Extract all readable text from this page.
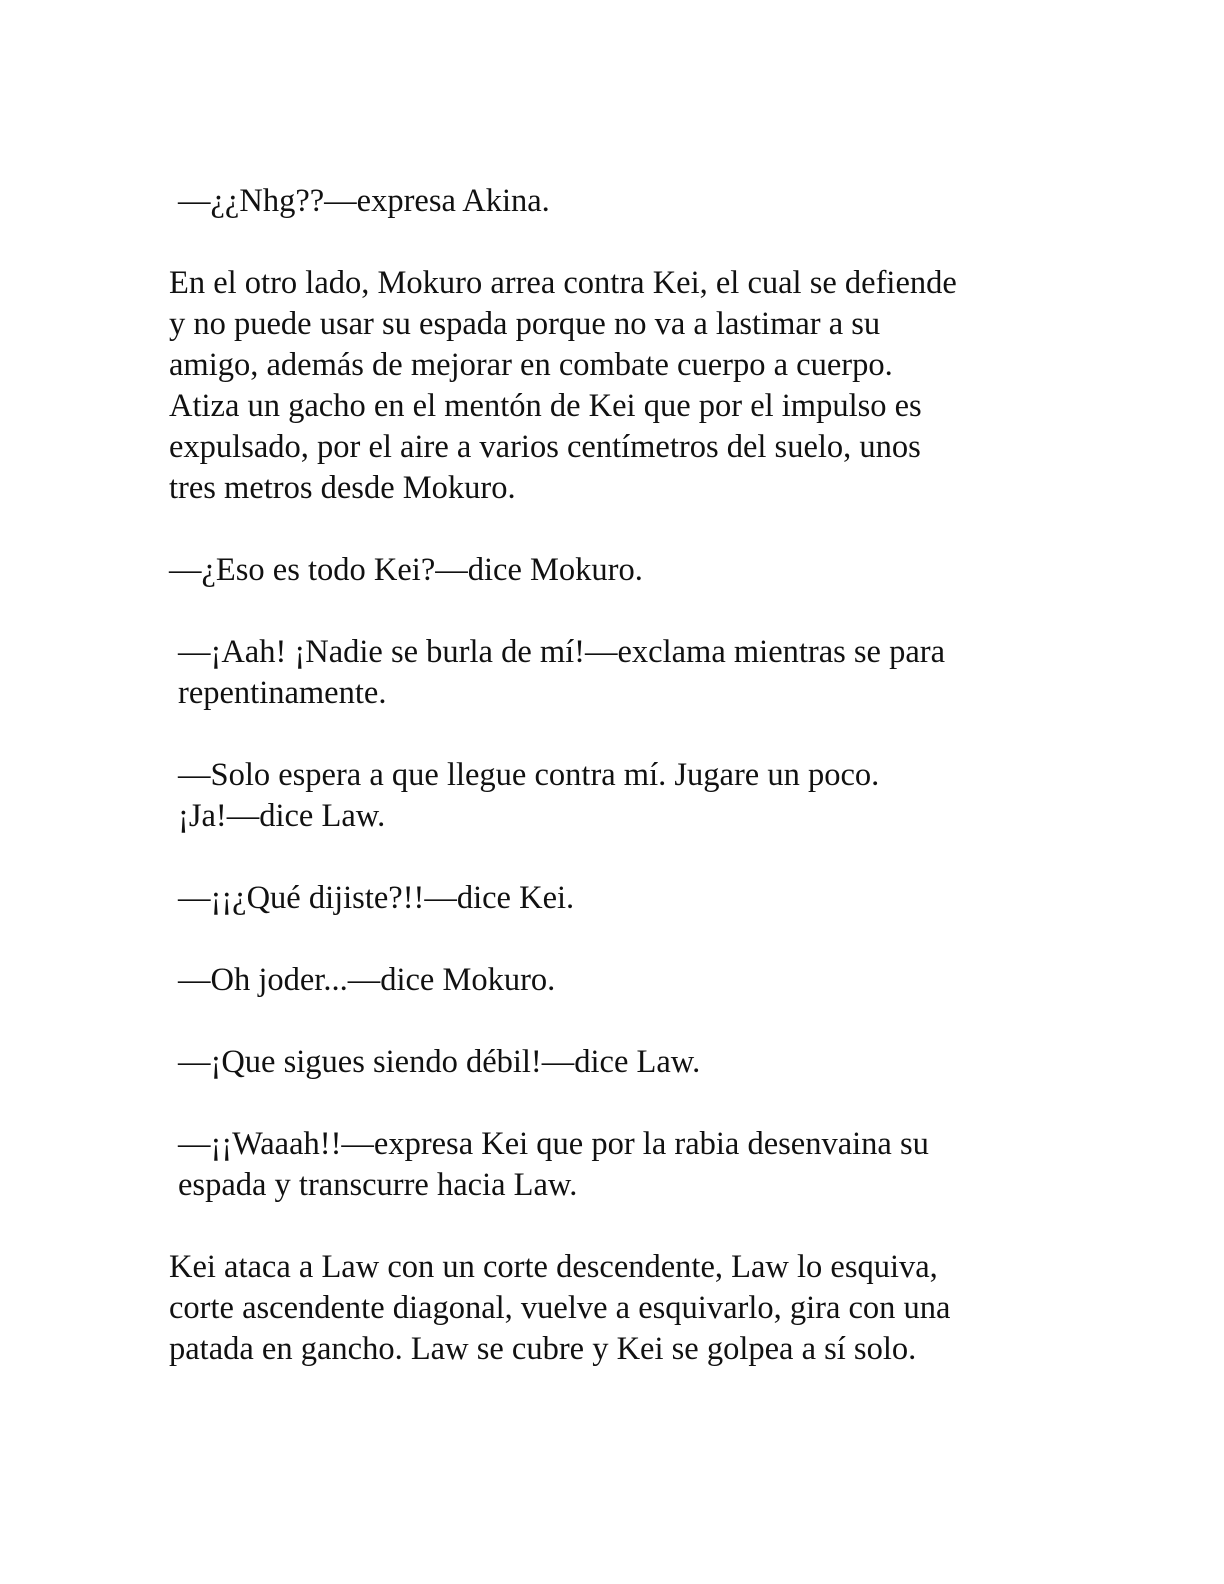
—¿¿Nhg??—expresa Akina.

En el otro lado, Mokuro arrea contra Kei, el cual se defiende
y no puede usar su espada porque no va a lastimar a su
amigo, además de mejorar en combate cuerpo a cuerpo.
Atiza un gacho en el mentón de Kei que por el impulso es
expulsado, por el aire a varios centímetros del suelo, unos
tres metros desde Mokuro.

—¿Eso es todo Kei?—dice Mokuro.

—¡Aah! ¡Nadie se burla de mí!—exclama mientras se para
repentinamente.

—Solo espera a que llegue contra mí. Jugare un poco.
¡Ja!—dice Law.

—¡¡¿Qué dijiste?!!—dice Kei.

—Oh joder...—dice Mokuro.

—¡Que sigues siendo débil!—dice Law.

—¡¡Waaah!!—expresa Kei que por la rabia desenvaina su
espada y transcurre hacia Law.

Kei ataca a Law con un corte descendente, Law lo esquiva,
corte ascendente diagonal, vuelve a esquivarlo, gira con una
patada en gancho. Law se cubre y Kei se golpea a sí solo.
